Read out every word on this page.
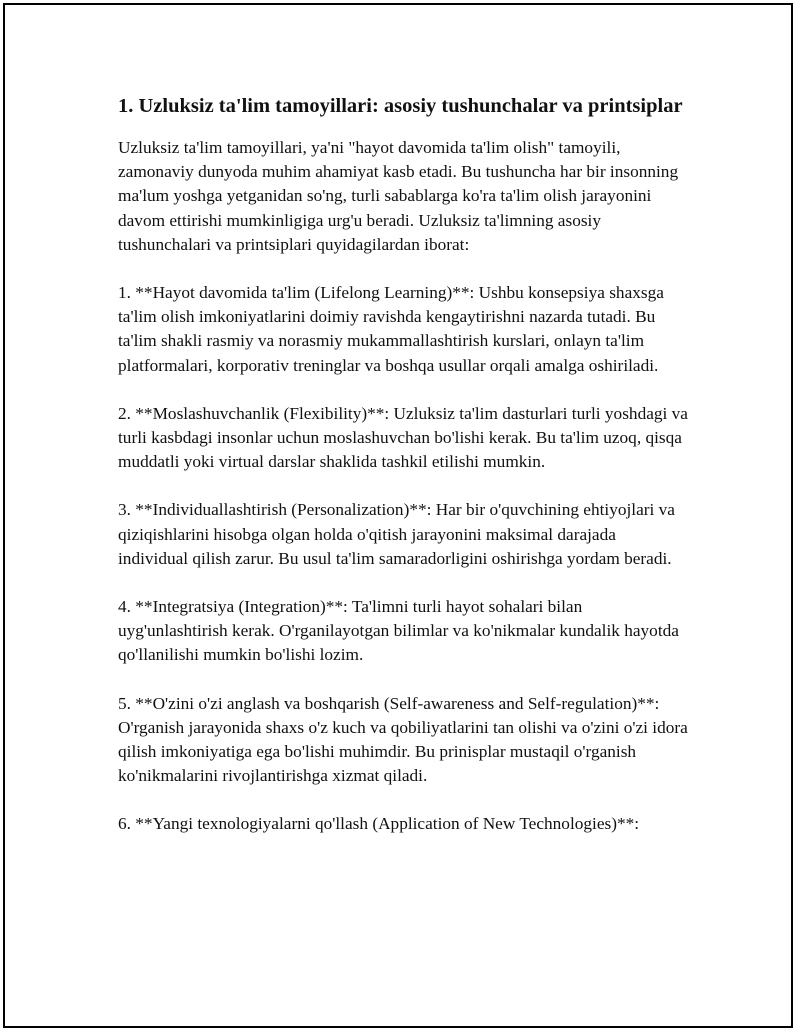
1. Uzluksiz ta'lim tamoyillari: asosiy tushunchalar va printsiplar

Uzluksiz ta'lim tamoyillari, ya'ni "hayot davomida ta'lim olish" tamoyili, zamonaviy dunyoda muhim ahamiyat kasb etadi. Bu tushuncha har bir insonning ma'lum yoshga yetganidan so'ng, turli sabablarga ko'ra ta'lim olish jarayonini davom ettirishi mumkinligiga urg'u beradi. Uzluksiz ta'limning asosiy tushunchalari va printsiplari quyidagilardan iborat:

1. **Hayot davomida ta'lim (Lifelong Learning)**: Ushbu konsepsiya shaxsga ta'lim olish imkoniyatlarini doimiy ravishda kengaytirishni nazarda tutadi. Bu ta'lim shakli rasmiy va norasmiy mukammallashtirish kurslari, onlayn ta'lim platformalari, korporativ treninglar va boshqa usullar orqali amalga oshiriladi.

2. **Moslashuvchanlik (Flexibility)**: Uzluksiz ta'lim dasturlari turli yoshdagi va turli kasbdagi insonlar uchun moslashuvchan bo'lishi kerak. Bu ta'lim uzoq, qisqa muddatli yoki virtual darslar shaklida tashkil etilishi mumkin.

3. **Individuallashtirish (Personalization)**: Har bir o'quvchining ehtiyojlari va qiziqishlarini hisobga olgan holda o'qitish jarayonini maksimal darajada individual qilish zarur. Bu usul ta'lim samaradorligini oshirishga yordam beradi.

4. **Integratsiya (Integration)**: Ta'limni turli hayot sohalari bilan uyg'unlashtirish kerak. O'rganilayotgan bilimlar va ko'nikmalar kundalik hayotda qo'llanilishi mumkin bo'lishi lozim.

5. **O'zini o'zi anglash va boshqarish (Self-awareness and Self-regulation)**: O'rganish jarayonida shaxs o'z kuch va qobiliyatlarini tan olishi va o'zini o'zi idora qilish imkoniyatiga ega bo'lishi muhimdir. Bu prinisplar mustaqil o'rganish ko'nikmalarini rivojlantirishga xizmat qiladi.

6. **Yangi texnologiyalarni qo'llash (Application of New Technologies)**:
